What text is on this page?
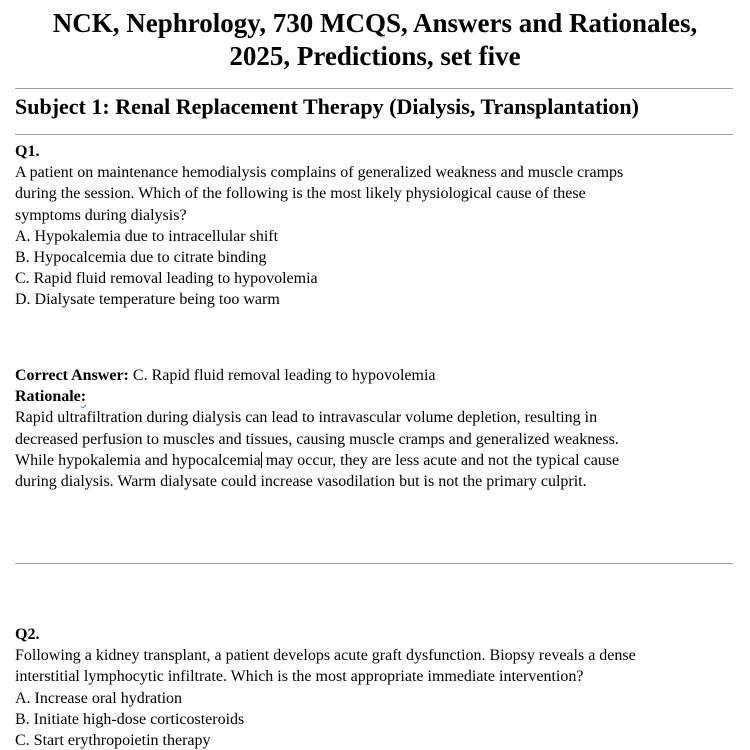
NCK, Nephrology, 730 MCQS, Answers and Rationales,
2025, Predictions, set five
Subject 1: Renal Replacement Therapy (Dialysis, Transplantation)
Q1.
A patient on maintenance hemodialysis complains of generalized weakness and muscle cramps
during the session. Which of the following is the most likely physiological cause of these
symptoms during dialysis?
A. Hypokalemia due to intracellular shift
B. Hypocalcemia due to citrate binding
C. Rapid fluid removal leading to hypovolemia
D. Dialysate temperature being too warm
Correct Answer: C. Rapid fluid removal leading to hypovolemia
Rationale:
Rapid ultrafiltration during dialysis can lead to intravascular volume depletion, resulting in
decreased perfusion to muscles and tissues, causing muscle cramps and generalized weakness.
While hypokalemia and hypocalcemia may occur, they are less acute and not the typical cause
during dialysis. Warm dialysate could increase vasodilation but is not the primary culprit.
Q2.
Following a kidney transplant, a patient develops acute graft dysfunction. Biopsy reveals a dense
interstitial lymphocytic infiltrate. Which is the most appropriate immediate intervention?
A. Increase oral hydration
B. Initiate high-dose corticosteroids
C. Start erythropoietin therapy
